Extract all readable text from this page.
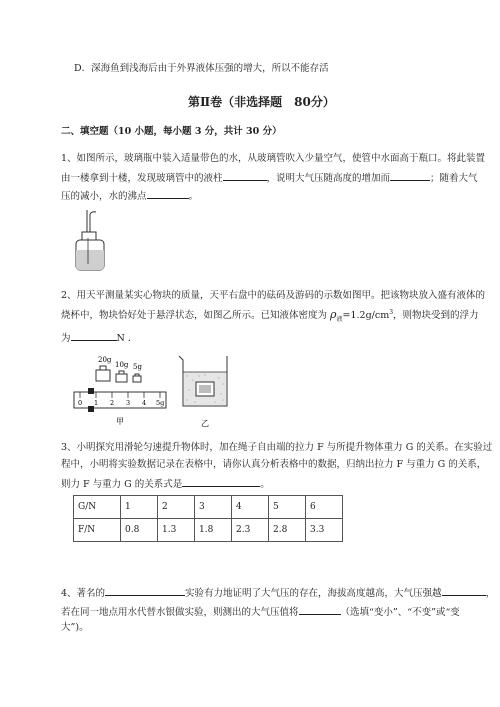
D．深海鱼到浅海后由于外界液体压强的增大，所以不能存活
第Ⅱ卷（非选择题　80分）
二、填空题（10 小题，每小题 3 分，共计 30 分）
1、如图所示，玻璃瓶中装入适量带色的水，从玻璃管吹入少量空气，使管中水面高于瓶口。将此装置
由一楼拿到十楼，发现玻璃管中的液柱	，说明大气压随高度的增加而	；随着大气
压的减小，水的沸点	。
2、用天平测量某实心物块的质量，天平右盘中的砝码及游码的示数如图甲。把该物块放入盛有液体的
烧杯中，物块恰好处于悬浮状态，如图乙所示。已知液体密度为 $\rho_液=1.2g/cm^3$，则物块受到的浮力
为	N ．
20g
10g 5g
0 1 2 3 4 5g
甲	乙
3、小明探究用滑轮匀速提升物体时，加在绳子自由端的拉力 F 与所提升物体重力 G 的关系。在实验过
程中，小明将实验数据记录在表格中，请你认真分析表格中的数据，归纳出拉力 F 与重力 G 的关系，
则力 F 与重力 G 的关系式是	。
G/N	1	2	3	4	5	6
F/N	0.8	1.3	1.8	2.3	2.8	3.3
4、著名的	实验有力地证明了大气压的存在，海拔高度越高，大气压强越	，
若在同一地点用水代替水银做实验，则测出的大气压值将	（选填“变小”、“不变”或“变
大”)。
